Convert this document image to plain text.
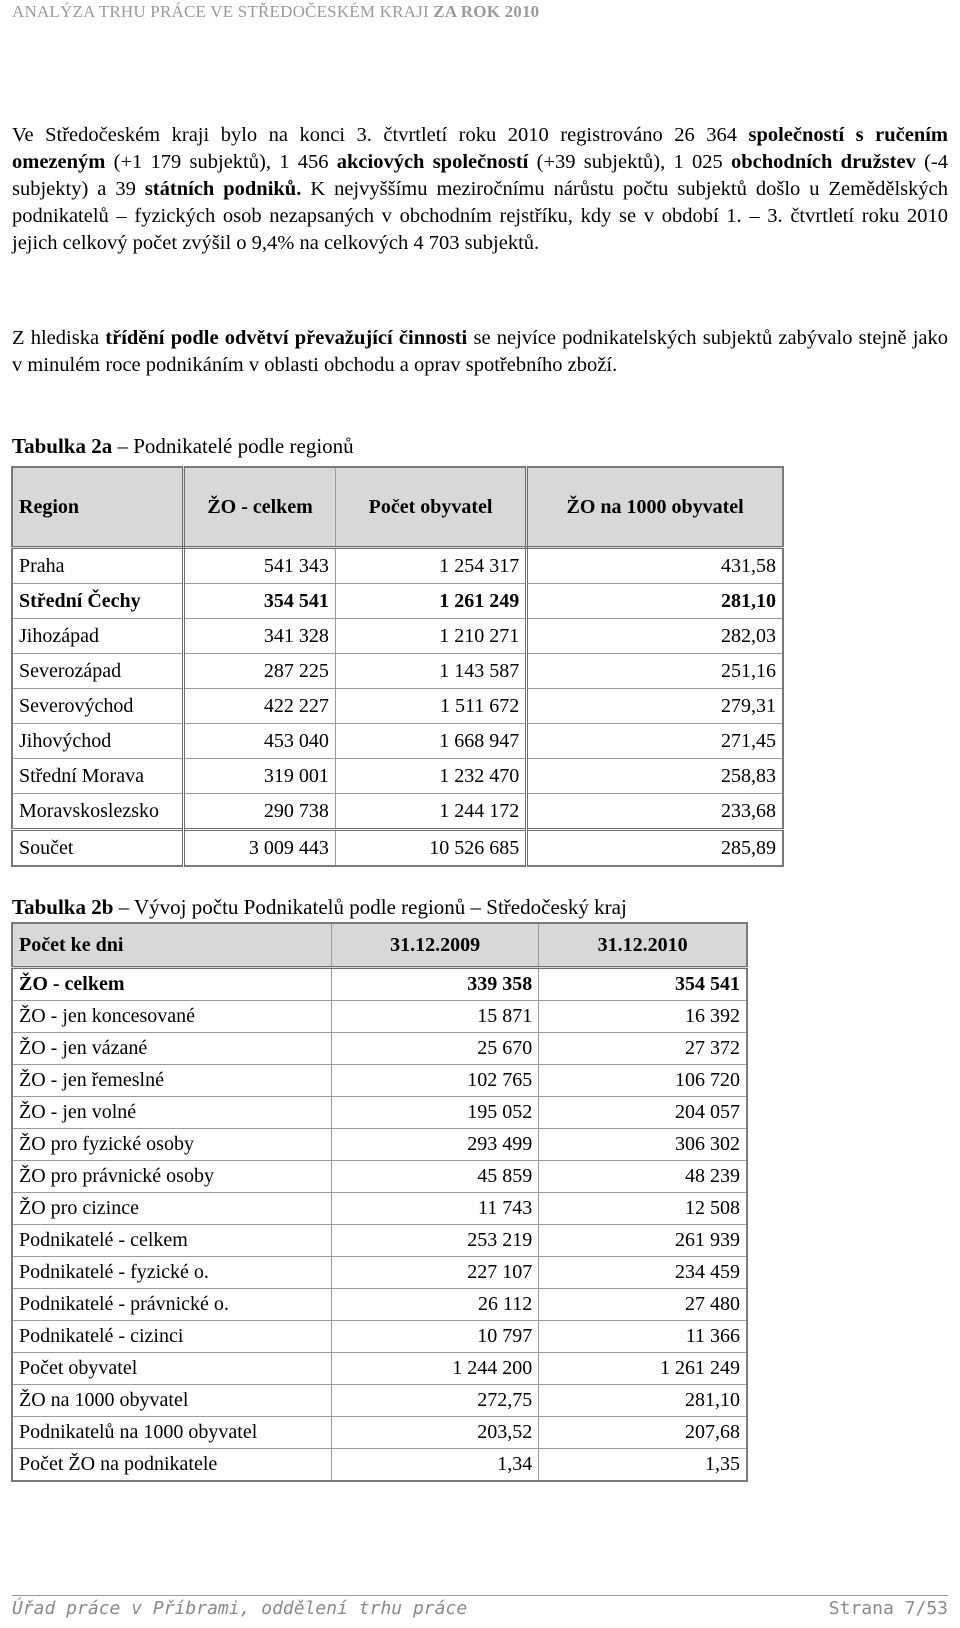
ANALÝZA TRHU PRÁCE VE STŘEDOČESKÉM KRAJI ZA ROK 2010

Ve Středočeském kraji bylo na konci 3. čtvrtletí roku 2010 registrováno 26 364 společností s ručením omezeným (+1 179 subjektů), 1 456 akciových společností (+39 subjektů), 1 025 obchodních družstev (-4 subjekty) a 39 státních podniků. K nejvyššímu meziročnímu nárůstu počtu subjektů došlo u Zemědělských podnikatelů – fyzických osob nezapsaných v obchodním rejstříku, kdy se v období 1. – 3. čtvrtletí roku 2010 jejich celkový počet zvýšil o 9,4% na celkových 4 703 subjektů.

Z hlediska třídění podle odvětví převažující činnosti se nejvíce podnikatelských subjektů zabývalo stejně jako v minulém roce podnikáním v oblasti obchodu a oprav spotřebního zboží.

Tabulka 2a – Podnikatelé podle regionů

Region	ŽO - celkem	Počet obyvatel	ŽO na 1000 obyvatel
Praha	541 343	1 254 317	431,58
Střední Čechy	354 541	1 261 249	281,10
Jihozápad	341 328	1 210 271	282,03
Severozápad	287 225	1 143 587	251,16
Severovýchod	422 227	1 511 672	279,31
Jihovýchod	453 040	1 668 947	271,45
Střední Morava	319 001	1 232 470	258,83
Moravskoslezsko	290 738	1 244 172	233,68
Součet	3 009 443	10 526 685	285,89

Tabulka 2b – Vývoj počtu Podnikatelů podle regionů – Středočeský kraj

Počet ke dni	31.12.2009	31.12.2010
ŽO - celkem	339 358	354 541
ŽO - jen koncesované	15 871	16 392
ŽO - jen vázané	25 670	27 372
ŽO - jen řemeslné	102 765	106 720
ŽO - jen volné	195 052	204 057
ŽO pro fyzické osoby	293 499	306 302
ŽO pro právnické osoby	45 859	48 239
ŽO pro cizince	11 743	12 508
Podnikatelé - celkem	253 219	261 939
Podnikatelé - fyzické o.	227 107	234 459
Podnikatelé - právnické o.	26 112	27 480
Podnikatelé - cizinci	10 797	11 366
Počet obyvatel	1 244 200	1 261 249
ŽO na 1000 obyvatel	272,75	281,10
Podnikatelů na 1000 obyvatel	203,52	207,68
Počet ŽO na podnikatele	1,34	1,35
Úřad práce v Příbrami, oddělení trhu práce	Strana 7/53
